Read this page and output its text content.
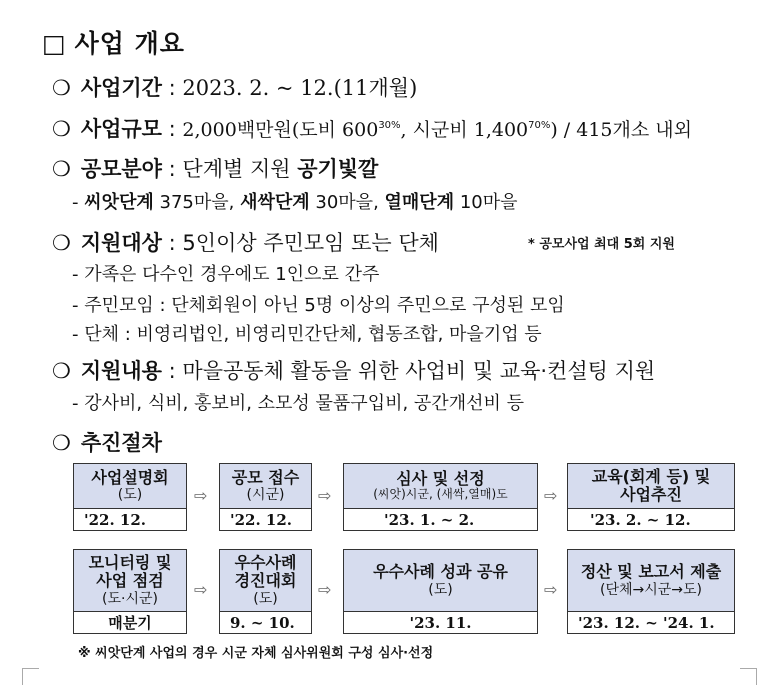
□ 사업 개요
❍ 사업기간 : 2023. 2. ~ 12.(11개월)
❍ 사업규모 : 2,000백만원(도비 $600^{30\%}$, 시군비 $1,400^{70\%}) / 415$개소 내외
❍ 공모분야 : 단계별 지원 공기빛깔
- 씨앗단계 375마을, 새싹단계 30마을, 열매단계 10마을
❍ 지원대상 : 5인이상 주민모임 또는 단체	* 공모사업 최대 5회 지원
- 가족은 다수인 경우에도 1인으로 간주
- 주민모임 : 단체회원이 아닌 5명 이상의 주민으로 구성된 모임
- 단체 : 비영리법인, 비영리민간단체, 협동조합, 마을기업 등
❍ 지원내용 : 마을공동체 활동을 위한 사업비 및 교육·컨설팅 지원
- 강사비, 식비, 홍보비, 소모성 물품구입비, 공간개선비 등
❍ 추진절차
사업설명회
(도)
'22. 12.
⇨
공모 접수
(시군)
'22. 12.
⇨
심사 및 선정
(씨앗)시군, (새싹,열매)도
'23. 1. ~ 2.
⇨
교육(회계 등) 및
사업추진
'23. 2. ~ 12.
모니터링 및
사업 점검
(도·시군)
매분기
⇨
우수사례
경진대회
(도)
9. ~ 10.
⇨
우수사례 성과 공유
(도)
'23. 11.
⇨
정산 및 보고서 제출
(단체→시군→도)
'23. 12. ~ '24. 1.
※ 씨앗단계 사업의 경우 시군 자체 심사위원회 구성 심사·선정
